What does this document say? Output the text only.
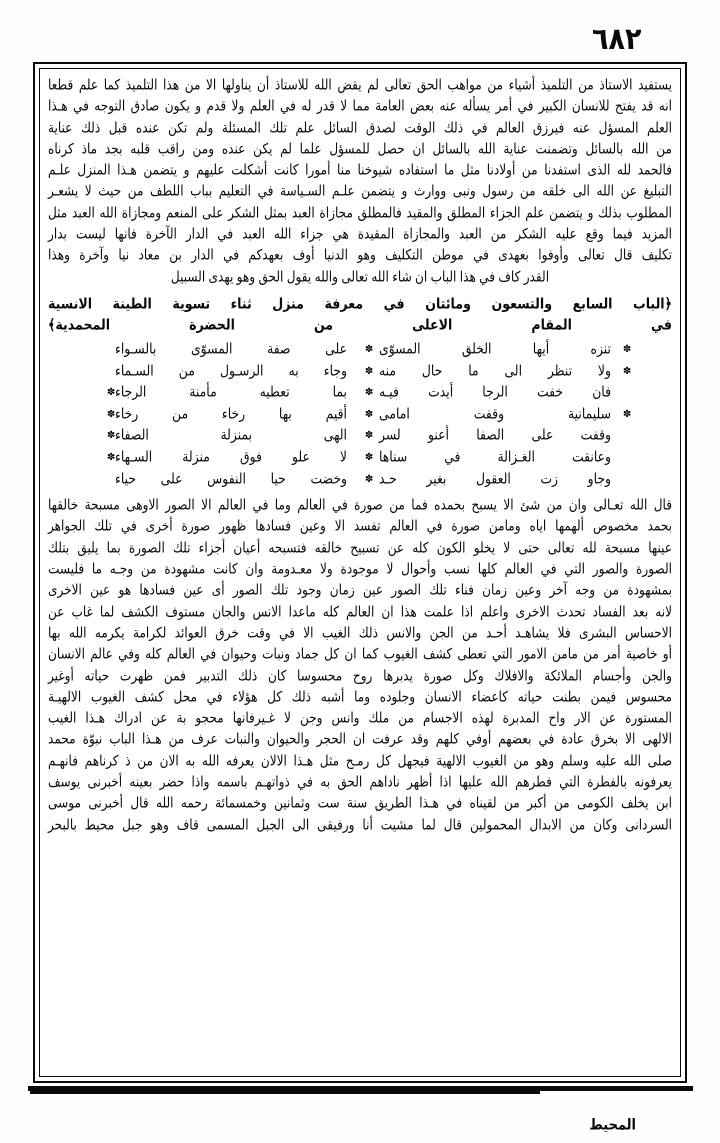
٦٨٢
يستفيد الاستاذ من التلميذ أشياء من مواهب الحق تعالى لم يقض الله للاستاذ أن يناولها الا من هذا التلميذ كما علم قطعا
انه قد يفتح للانسان الكبير في أمر يسأله عنه بعض العامة مما لا قدر له في العلم ولا قدم و يكون صادق التوجه في هـذا
العلم المسؤل عنه فيرزق العالم في ذلك الوقت لصدق السائل علم تلك المسئلة ولم تكن عنده قبل ذلك عناية
من الله بالسائل وتضمنت عناية الله بالسائل ان حصل للمسؤل علما لم يكن عنده ومن راقب قلبه بجد ماذ كرناه
فالحمد لله الذى استفدنا من أولادنا مثل ما استفاده شيوخنا منا أمورا كانت أشكلت عليهم و يتضمن هـذا المنزل علـم
التبليغ عن الله الى خلقه من رسول ونبى ووارث و يتضمن علـم السـياسة في التعليم بباب اللطف من حيث لا يشعـر
المطلوب بذلك و يتضمن علم الجزاء المطلق والمقيد فالمطلق مجازاة العبد بمثل الشكر على المنعم ومجازاة الله العبد مثل
المزيد فيما وقع عليه الشكر من العبد والمجازاة المقيدة هي جزاء الله العبد في الدار الآخرة فانها ليست بدار
تكليف قال تعالى وأوفوا بعهدى في موطن التكليف وهو الدنيا أوف بعهدكم في الدار بن معاد نيا وآخرة وهذا
القدر كاف في هذا الباب ان شاء الله تعالى والله يقول الحق وهو يهدى السبيل
﴿الباب السابع والتسعون ومائتان في معرفة منزل ثناء تسوية الطينة الانسية
في المقام الاعلى من الحضرة المحمدية﴾
✽
تنزه أيها الخلق المسوّى
✽
على صفة المسوّى بالسـواء
✽
ولا تنظر الى ما حال منه
✽
وجاء به الرسـول من السـماء
فان خفت الرجا أيدت فيـه
✽
بما تعطيه مأمنة الرجاء
✽
✽
سليمانية وقفت امامى
✽
أقيم بها رخاء من رخاء
✽
وقفت على الصفا أعنو لسر
✽
الهى بمنزلة الصفاء
✽
وعانقت الغـزالة في سناها
✽
لا علو فوق منزلة السـهاء
✽
وجاو زت العقول بغير حـد
✽
وخضت حيا النفوس على حياء
قال الله تعـالى وان من شئ الا يسبح بحمده فما من صورة في العالم وما في العالم الا الصور الاوهى مسبحة خالقها
بحمد مخصوص ألهمها اياه ومامن صورة في العالم تفسد الا وعين فسادها ظهور صورة أخرى في تلك الجواهر
عينها مسبحة لله تعالى حتى لا يخلو الكون كله عن تسبيح خالقه فتسبحه أعيان أجزاء تلك الصورة بما يليق بتلك
الصورة والصور التي في العالم كلها نسب وأحوال لا موجودة ولا معـدومة وان كانت مشهودة من وجـه ما فليست
بمشهودة من وجه آخر وعين زمان فناء تلك الصور عين زمان وجود تلك الصور أى عين فسادها هو عين الاخرى
لانه بعد الفساد تحدث الاخرى واعلم اذا علمت هذا ان العالم كله ماعدا الانس والجان مستوف الكشف لما غاب عن
الاحساس البشرى فلا يشاهـد أحـد من الجن والانس ذلك الغيب الا في وقت خرق العوائد لكرامة يكرمه الله بها
أو خاصية أمر من مامن الامور التي تعطى كشف الغيوب كما ان كل جماد ونبات وحيوان في العالم كله وفي عالم الانسان
والجن وأجسام الملائكة والافلاك وكل صورة يدبرها روح محسوسا كان ذلك التدبير فمن ظهرت حياته أوغير
محسوس فيمن بطنت حياته كاعضاء الانسان وجلوده وما أشبه ذلك كل هؤلاء في محل كشف الغيوب الالهيـة
المستورة عن الار واح المدبرة لهذه الاجسام من ملك وانس وجن لا غـيرفانها محجو بة عن ادراك هـذا الغيب
الالهى الا بخرق عادة في بعضهم أوفي كلهم وقد عرفت ان الحجر والحيوان والنبات عرف من هـذا الباب نبوّة محمد
صلى الله عليه وسلم وهو من الغيوب الالهية فيجهل كل رمـح مثل هـذا الالان يعرفه الله به الان من ذ كرناهم فانهـم
يعرفونه بالفطرة التي فطرهم الله عليها اذا أظهر ناداهم الحق به في ذواتهـم باسمه واذا حضر بعينه أخبرنى يوسف
ابن يخلف الكومى من أكبر من لقيناه في هـذا الطريق سنة ست وثمانين وخمسمائة رحمه الله قال أخبرنى موسى
السردانى وكان من الابدال المحمولين قال لما مشيت أنا ورفيقى الى الجبل المسمى قاف وهو جبل محيط بالبحر
المحيط
